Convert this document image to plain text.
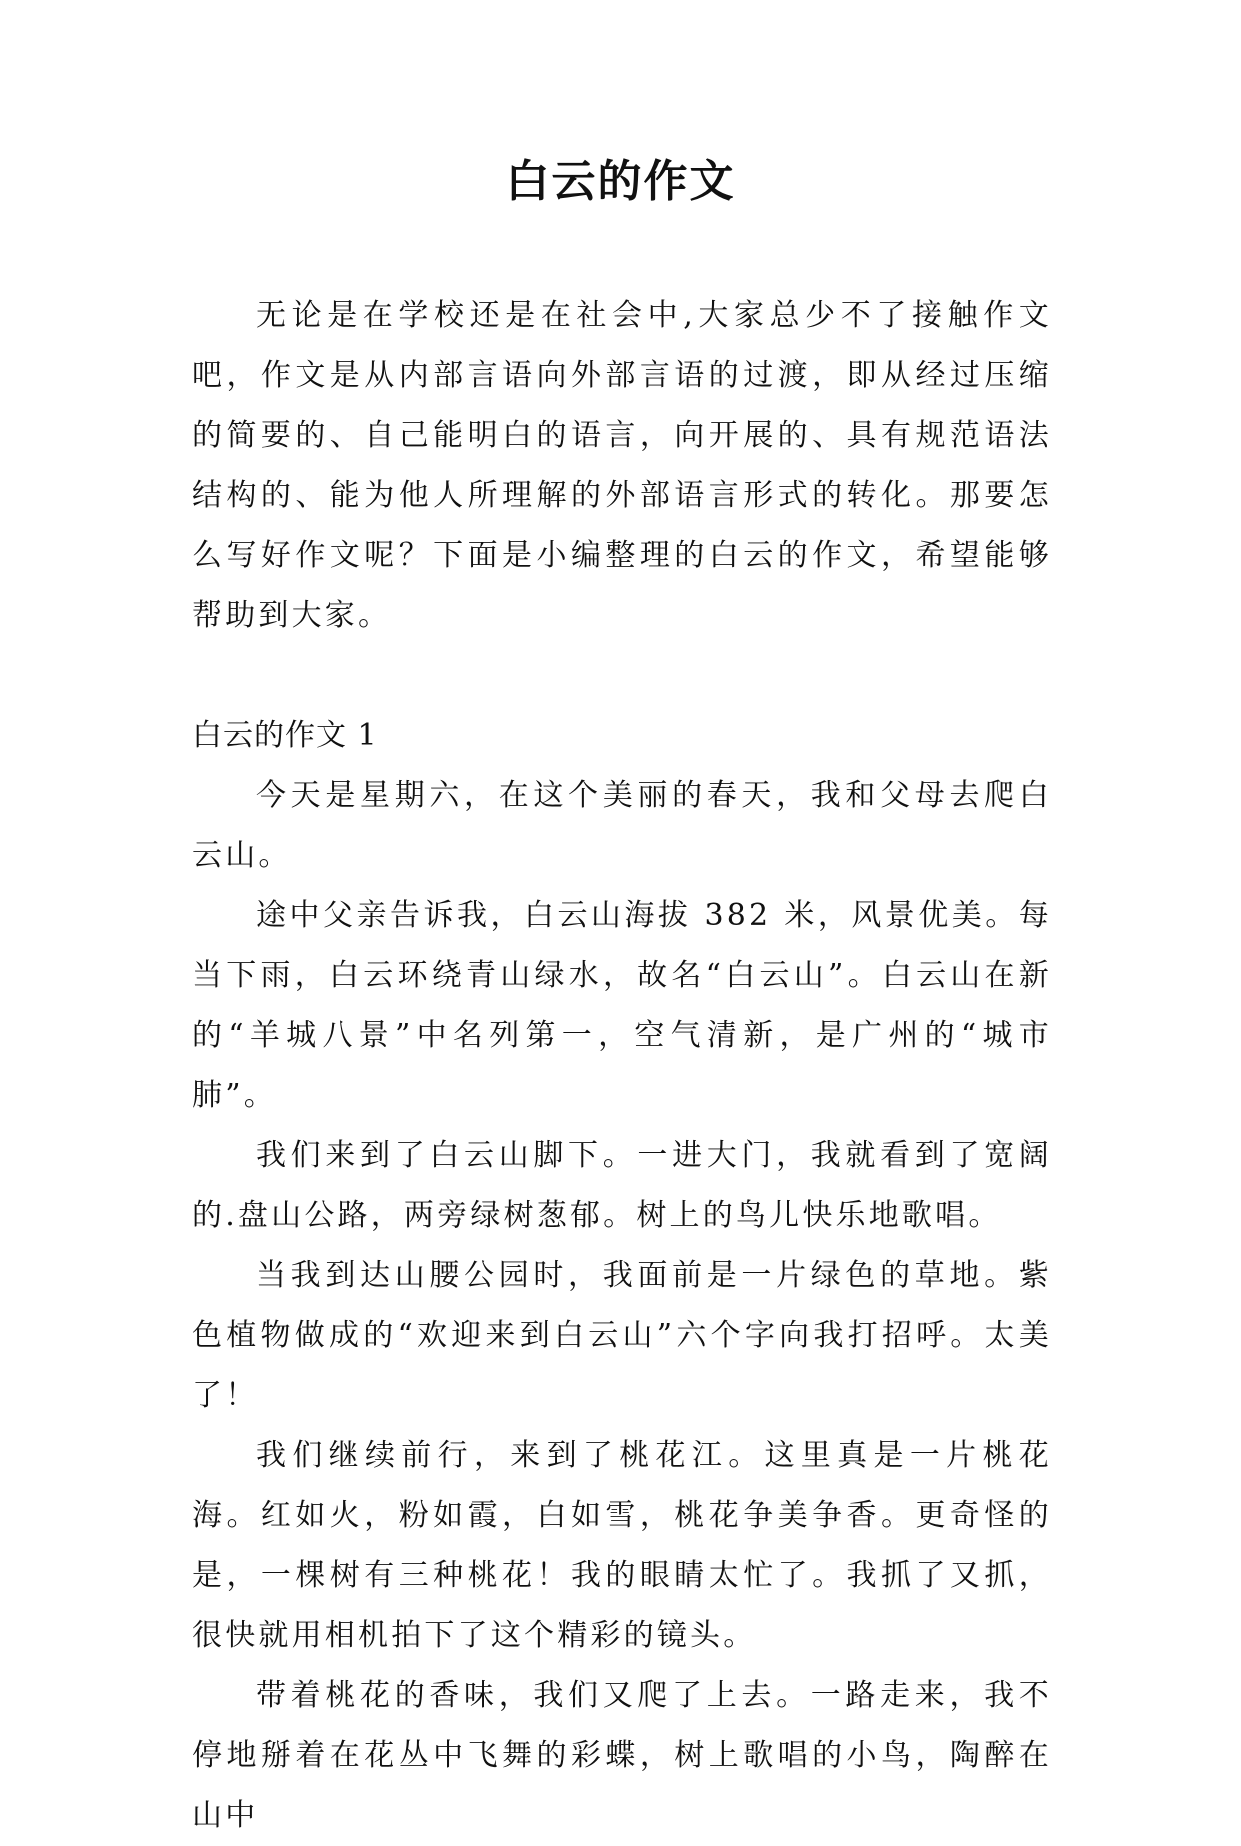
白云的作文

无论是在学校还是在社会中,大家总少不了接触作文吧，作文是从内部言语向外部言语的过渡，即从经过压缩的简要的、自己能明白的语言，向开展的、具有规范语法结构的、能为他人所理解的外部语言形式的转化。那要怎么写好作文呢？下面是小编整理的白云的作文，希望能够帮助到大家。

白云的作文 1

今天是星期六，在这个美丽的春天，我和父母去爬白云山。

途中父亲告诉我，白云山海拔 382 米，风景优美。每当下雨，白云环绕青山绿水，故名“白云山”。白云山在新的“羊城八景”中名列第一，空气清新，是广州的“城市肺”。

我们来到了白云山脚下。一进大门，我就看到了宽阔的.盘山公路，两旁绿树葱郁。树上的鸟儿快乐地歌唱。

当我到达山腰公园时，我面前是一片绿色的草地。紫色植物做成的“欢迎来到白云山”六个字向我打招呼。太美了！

我们继续前行，来到了桃花江。这里真是一片桃花海。红如火，粉如霞，白如雪，桃花争美争香。更奇怪的是，一棵树有三种桃花！我的眼睛太忙了。我抓了又抓，很快就用相机拍下了这个精彩的镜头。

带着桃花的香味，我们又爬了上去。一路走来，我不停地掰着在花丛中飞舞的彩蝶，树上歌唱的小鸟，陶醉在山中
